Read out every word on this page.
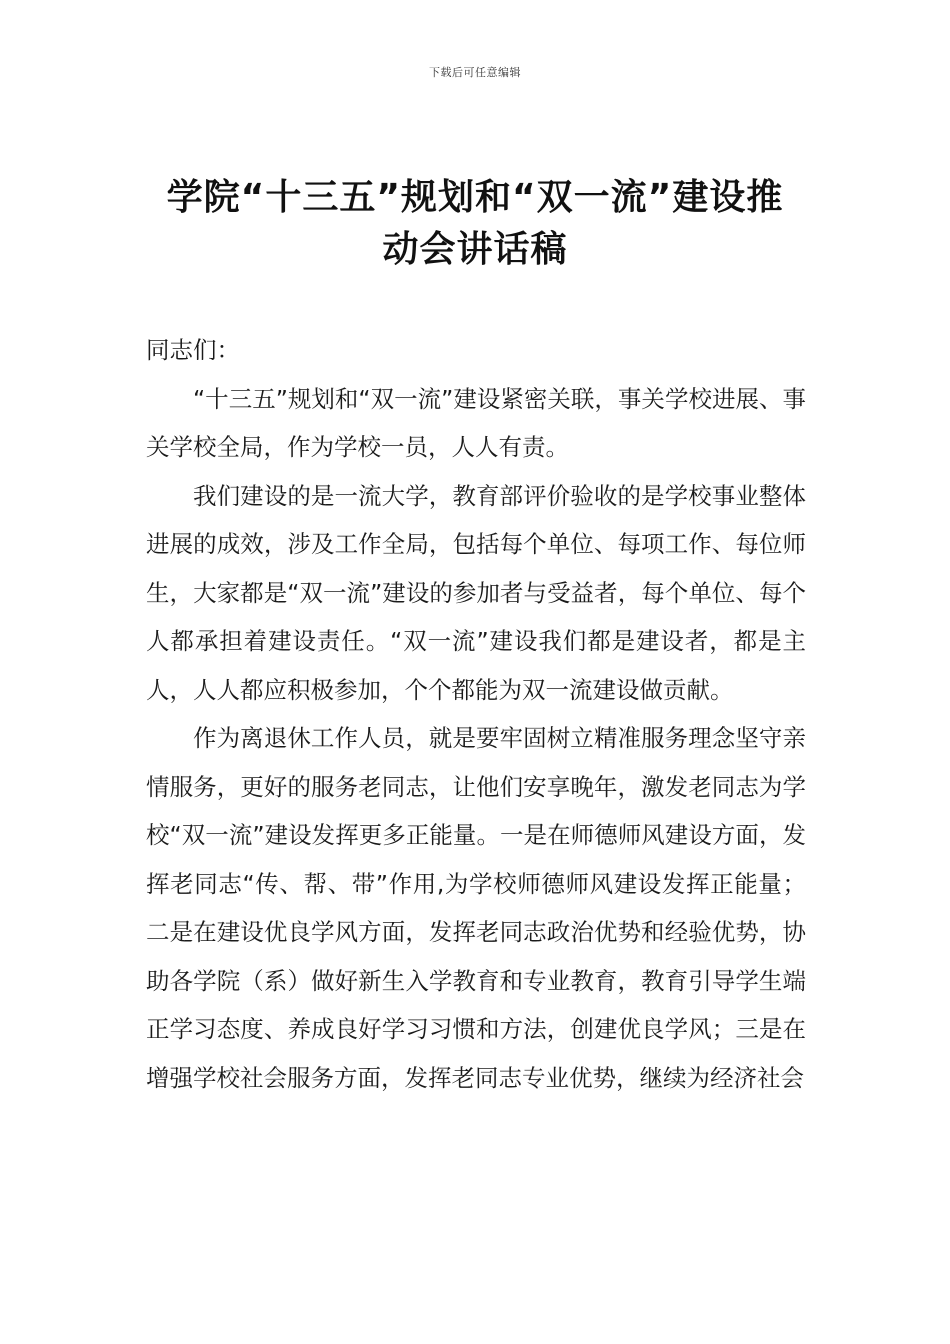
下载后可任意编辑
学院“十三五”规划和“双一流”建设推
动会讲话稿

同志们：

“十三五”规划和“双一流”建设紧密关联，事关学校进展、事关学校全局，作为学校一员，人人有责。

我们建设的是一流大学，教育部评价验收的是学校事业整体进展的成效，涉及工作全局，包括每个单位、每项工作、每位师生，大家都是“双一流”建设的参加者与受益者，每个单位、每个人都承担着建设责任。“双一流”建设我们都是建设者，都是主人，人人都应积极参加，个个都能为双一流建设做贡献。

作为离退休工作人员，就是要牢固树立精准服务理念坚守亲情服务，更好的服务老同志，让他们安享晚年，激发老同志为学校“双一流”建设发挥更多正能量。一是在师德师风建设方面，发挥老同志“传、帮、带”作用,为学校师德师风建设发挥正能量；二是在建设优良学风方面，发挥老同志政治优势和经验优势，协助各学院（系）做好新生入学教育和专业教育，教育引导学生端正学习态度、养成良好学习习惯和方法，创建优良学风；三是在增强学校社会服务方面，发挥老同志专业优势，继续为经济社会
